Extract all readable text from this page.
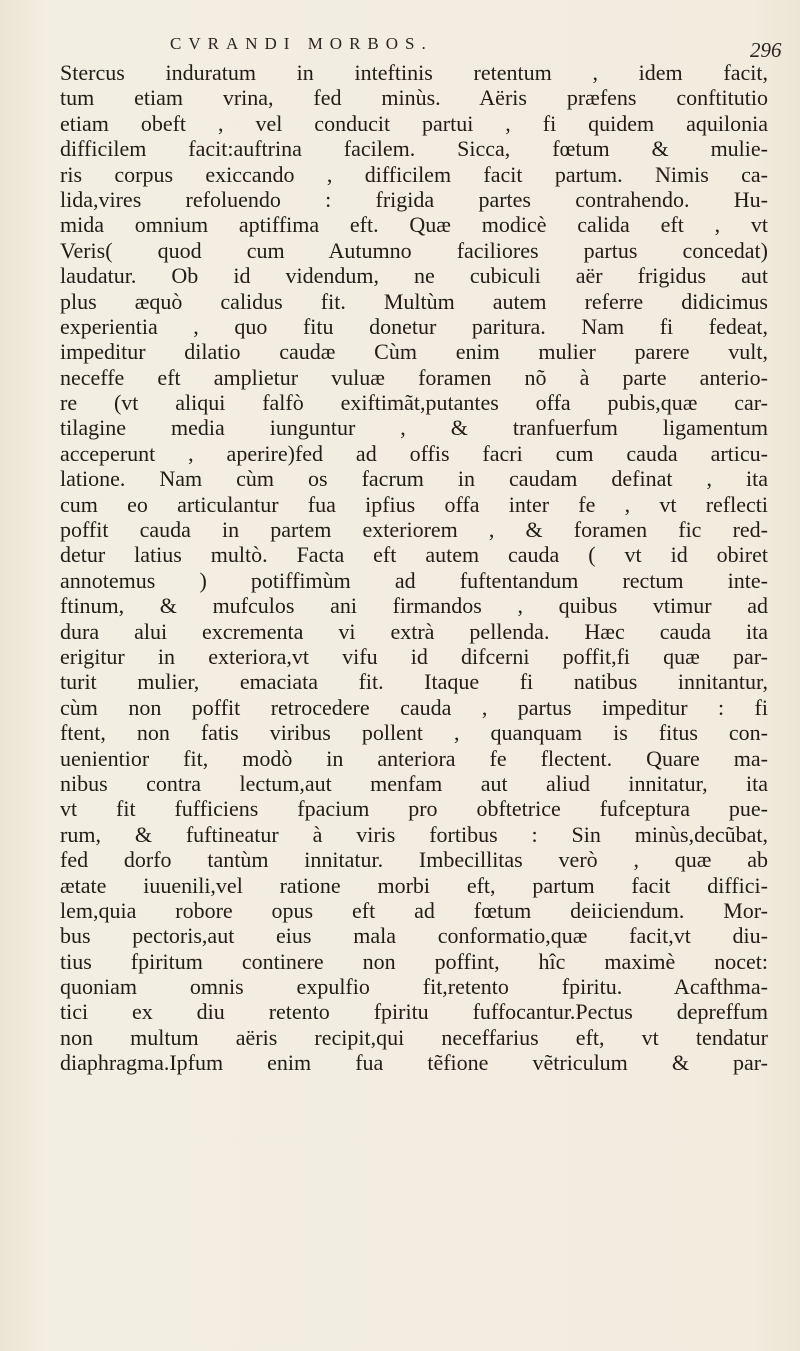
CVRANDI MORBOS.	296
Stercus induratum in inteftinis retentum , idem facit,
tum etiam vrina, fed minùs. Aëris præfens conftitutio
etiam obeft , vel conducit partui , fi quidem aquilonia
difficilem facit:auftrina facilem. Sicca, fœtum & mulie-
ris corpus exiccando , difficilem facit partum. Nimis ca-
lida,vires refoluendo : frigida partes contrahendo. Hu-
mida omnium aptiffima eft. Quæ modicè calida eft , vt
Veris( quod cum Autumno faciliores partus concedat)
laudatur. Ob id videndum, ne cubiculi aër frigidus aut
plus æquò calidus fit. Multùm autem referre didicimus
experientia , quo fitu donetur paritura. Nam fi fedeat,
impeditur dilatio caudæ Cùm enim mulier parere vult,
neceffe eft amplietur vuluæ foramen nõ à parte anterio-
re (vt aliqui falfò exiftimãt,putantes offa pubis,quæ car-
tilagine media iunguntur , & tranfuerfum ligamentum
acceperunt , aperire)fed ad offis facri cum cauda articu-
latione. Nam cùm os facrum in caudam definat , ita
cum eo articulantur fua ipfius offa inter fe , vt reflecti
poffit cauda in partem exteriorem , & foramen fic red-
detur latius multò. Facta eft autem cauda ( vt id obiret
annotemus ) potiffimùm ad fuftentandum rectum inte-
ftinum, & mufculos ani firmandos , quibus vtimur ad
dura alui excrementa vi extrà pellenda. Hæc cauda ita
erigitur in exteriora,vt vifu id difcerni poffit,fi quæ par-
turit mulier, emaciata fit. Itaque fi natibus innitantur,
cùm non poffit retrocedere cauda , partus impeditur : fi
ftent, non fatis viribus pollent , quanquam is fitus con-
uenientior fit, modò in anteriora fe flectent. Quare ma-
nibus contra lectum,aut menfam aut aliud innitatur, ita
vt fit fufficiens fpacium pro obftetrice fufceptura pue-
rum, & fuftineatur à viris fortibus : Sin minùs,decũbat,
fed dorfo tantùm innitatur. Imbecillitas verò , quæ ab
ætate iuuenili,vel ratione morbi eft, partum facit diffici-
lem,quia robore opus eft ad fœtum deiiciendum. Mor-
bus pectoris,aut eius mala conformatio,quæ facit,vt diu-
tius fpiritum continere non poffint, hîc maximè nocet:
quoniam omnis expulfio fit,retento fpiritu. Acafthma-
tici ex diu retento fpiritu fuffocantur.Pectus depreffum
non multum aëris recipit,qui neceffarius eft, vt tendatur
diaphragma.Ipfum enim fua tẽfione vẽtriculum & par-
